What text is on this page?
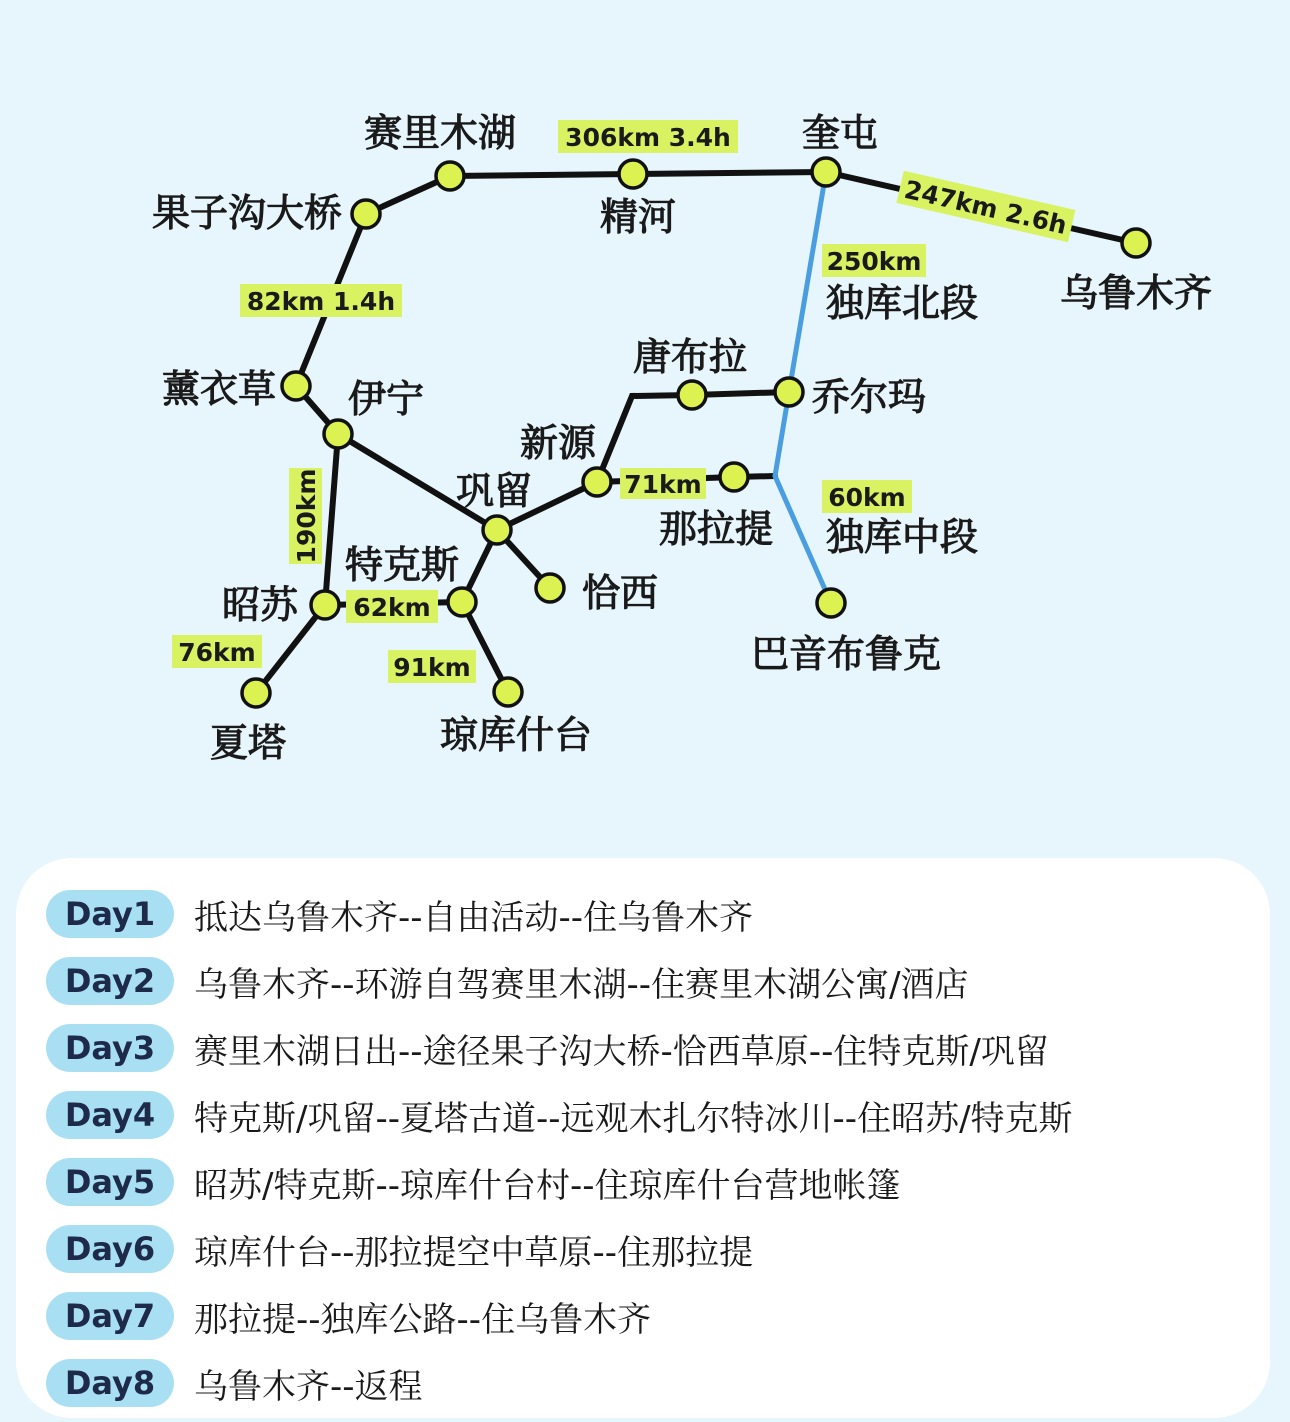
306km 3.4h
247km 2.6h
250km
82km 1.4h
71km	60km
190km
62km
76km
91km
赛里木湖	奎屯
果子沟大桥	精河
乌鲁木齐
独库北段
薰衣草 伊宁
唐布拉
乔尔玛
新源
巩留
那拉提 独库中段
特克斯
昭苏	恰西
巴音布鲁克
夏塔	琼库什台
Day1	抵达乌鲁木齐--自由活动--住乌鲁木齐
Day2	乌鲁木齐--环游自驾赛里木湖--住赛里木湖公寓/酒店
Day3	赛里木湖日出--途径果子沟大桥-恰西草原--住特克斯/巩留
Day4	特克斯/巩留--夏塔古道--远观木扎尔特冰川--住昭苏/特克斯
Day5	昭苏/特克斯--琼库什台村--住琼库什台营地帐篷
Day6	琼库什台--那拉提空中草原--住那拉提
Day7	那拉提--独库公路--住乌鲁木齐
Day8	乌鲁木齐--返程
